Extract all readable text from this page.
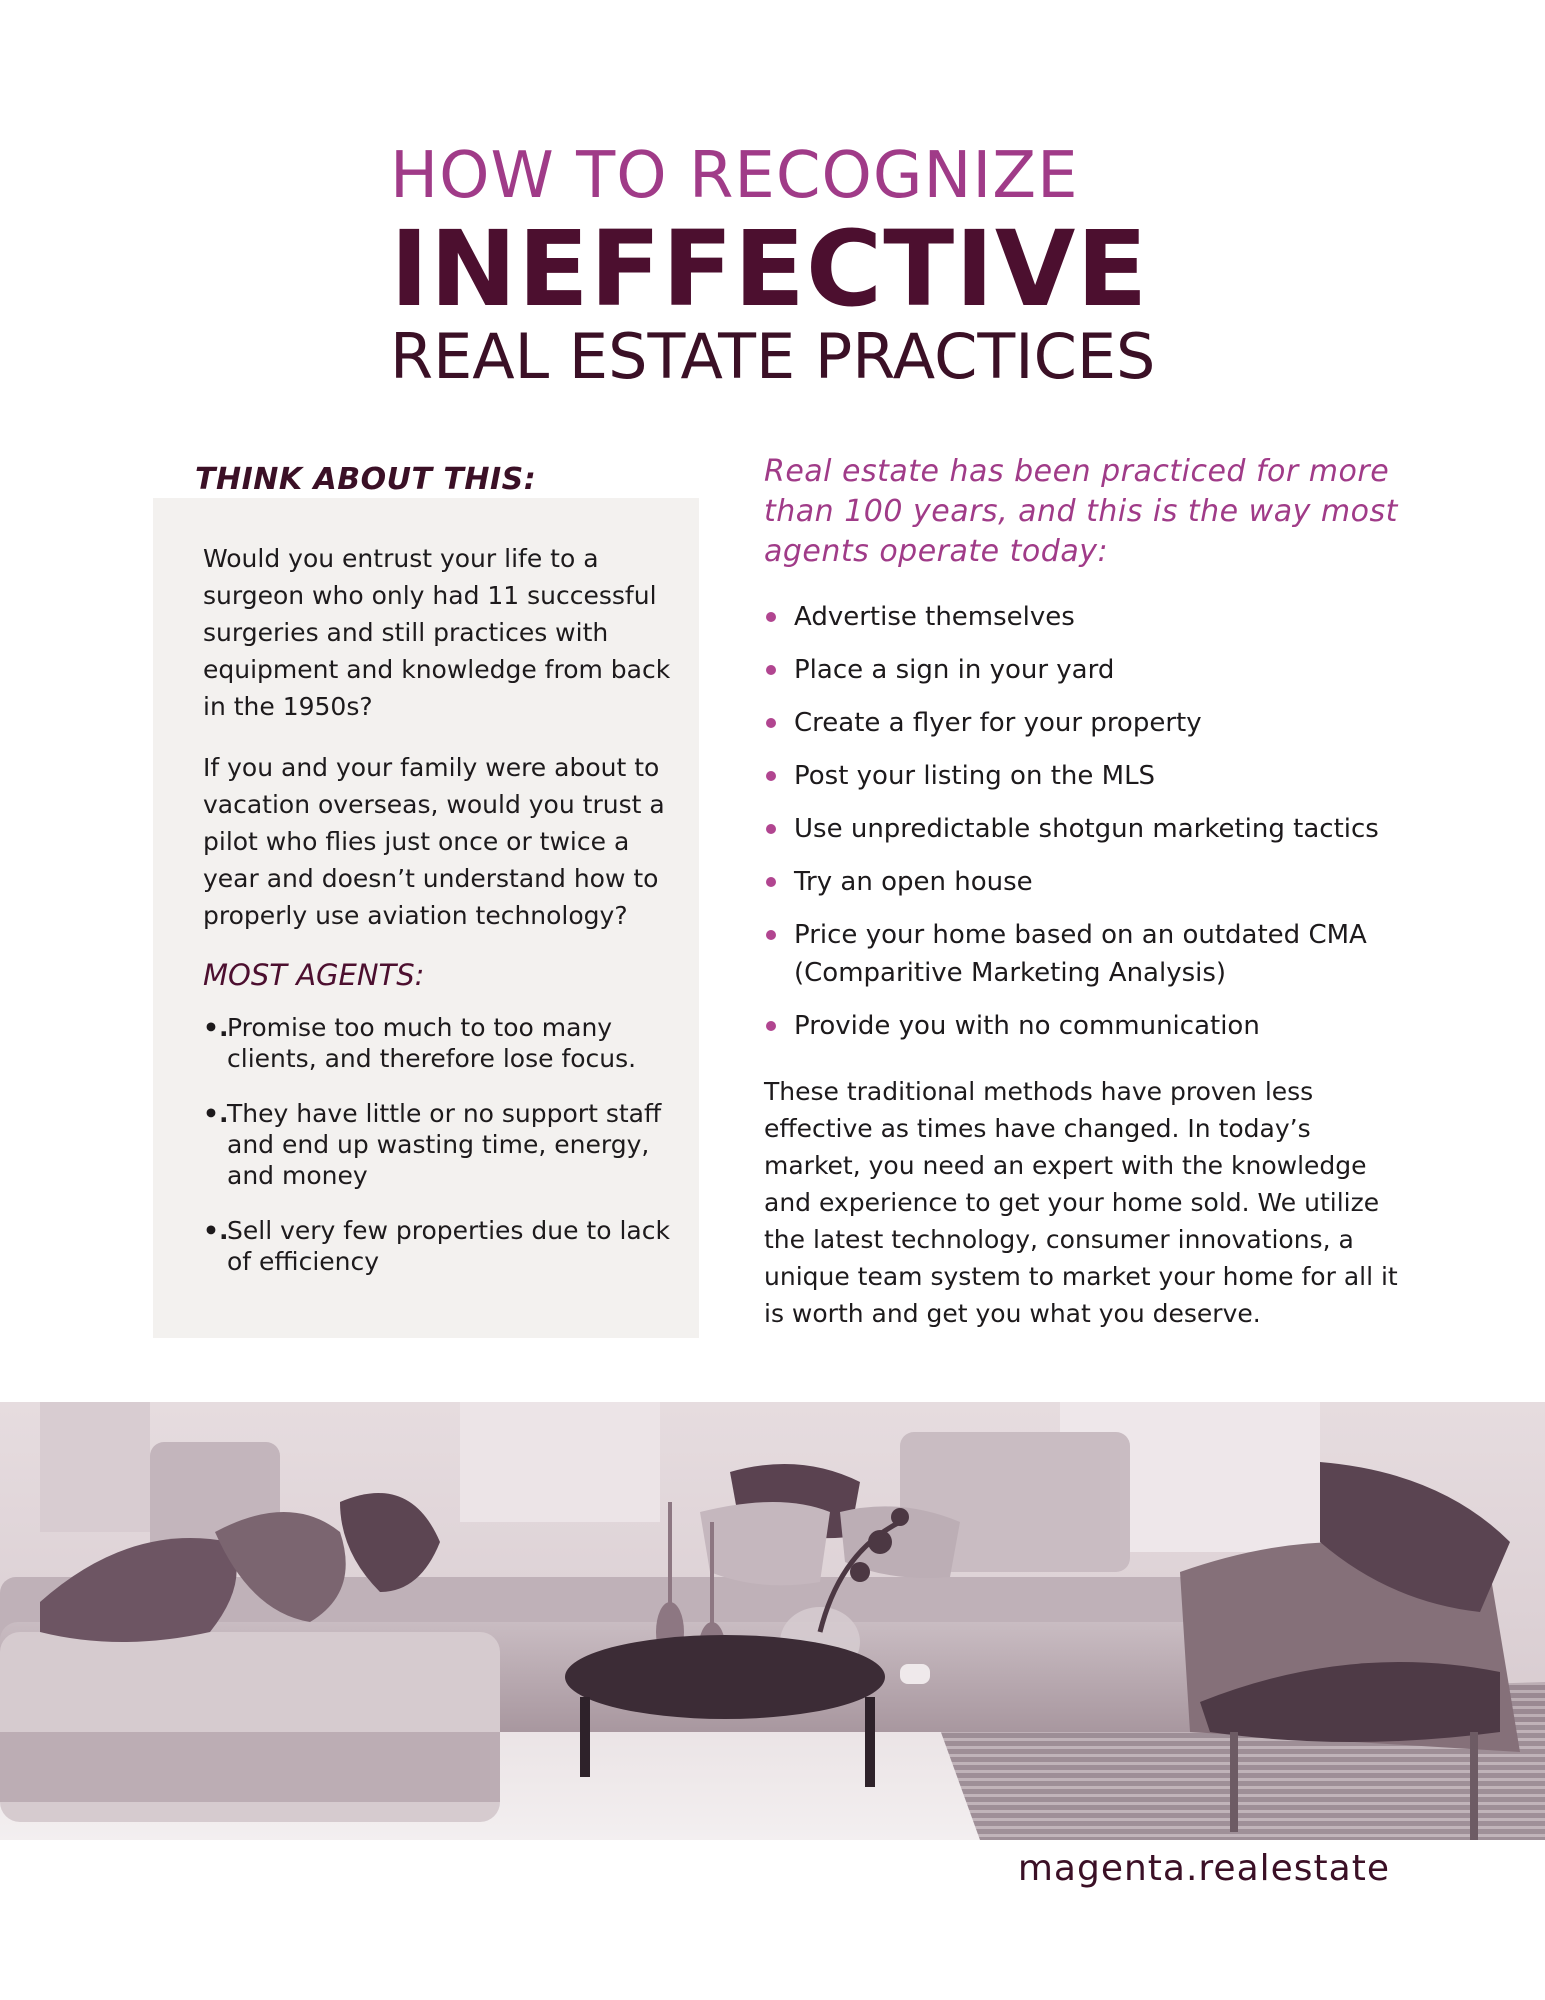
HOW TO RECOGNIZE
INEFFECTIVE
REAL ESTATE PRACTICES
THINK ABOUT THIS:

Would you entrust your life to a surgeon who only had 11 successful surgeries and still practices with equipment and knowledge from back in the 1950s?

If you and your family were about to vacation overseas, would you trust a pilot who flies just once or twice a year and doesn’t understand how to properly use aviation technology?

MOST AGENTS:
•.
Promise too much to too many clients, and therefore lose focus.
•.
They have little or no support staff and end up wasting time, energy, and money
•.
Sell very few properties due to lack of efficiency
Real estate has been practiced for more than 100 years, and this is the way most agents operate today:
Advertise themselves
Place a sign in your yard
Create a flyer for your property
Post your listing on the MLS
Use unpredictable shotgun marketing tactics
Try an open house
Price your home based on an outdated CMA (Comparitive Marketing Analysis)
Provide you with no communication
These traditional methods have proven less effective as times have changed. In today’s market, you need an expert with the knowledge and experience to get your home sold. We utilize the latest technology, consumer innovations, a unique team system to market your home for all it is worth and get you what you deserve.
magenta.realestate
